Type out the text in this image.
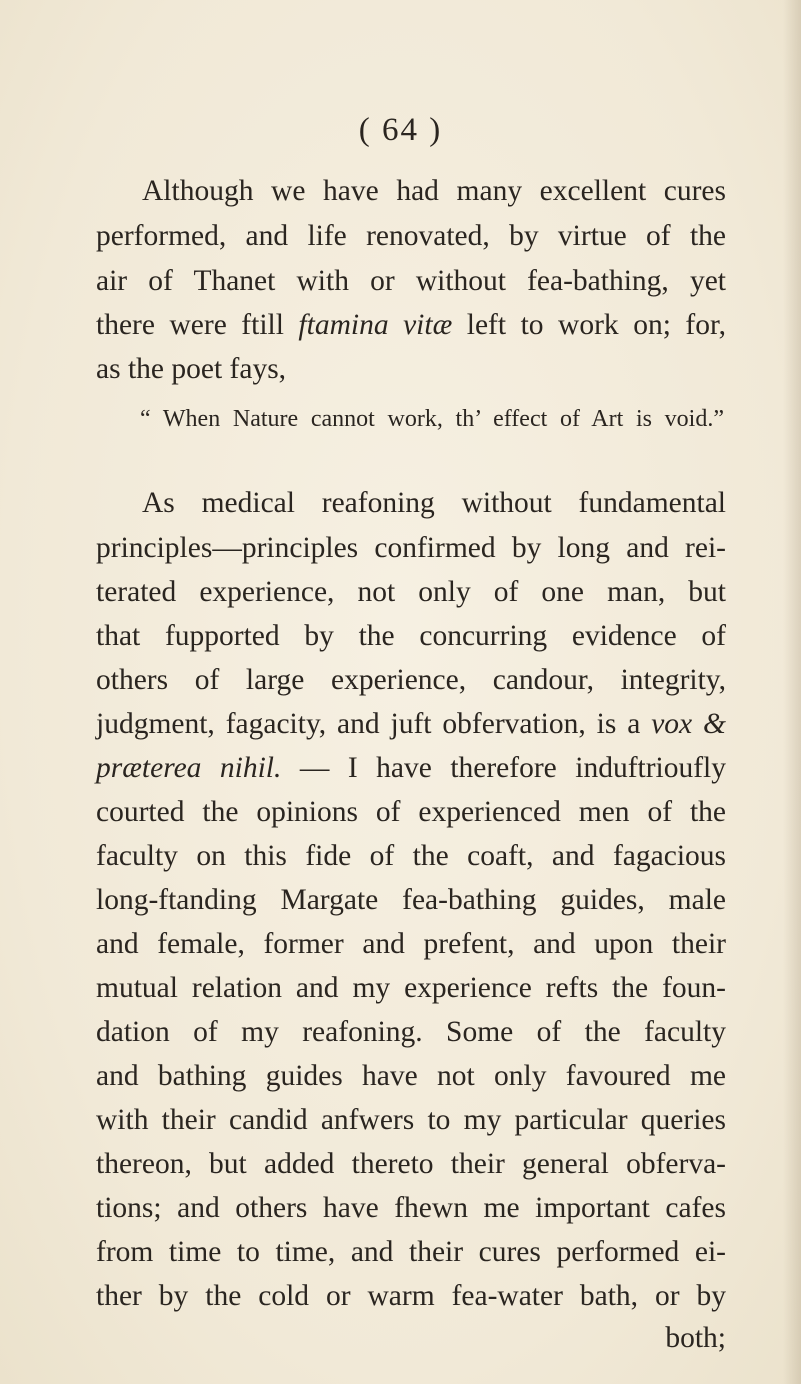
( 64 )
Although we have had many excellent cures
performed, and life renovated, by virtue of the
air of Thanet with or without fea-bathing, yet
there were ftill ftamina vitæ left to work on; for,
as the poet fays,
“ When Nature cannot work, th’ effect of Art is void.”
As medical reafoning without fundamental
principles—principles confirmed by long and rei-
terated experience, not only of one man, but
that fupported by the concurring evidence of
others of large experience, candour, integrity,
judgment, fagacity, and juft obfervation, is a vox &
præterea nihil. — I have therefore induftrioufly
courted the opinions of experienced men of the
faculty on this fide of the coaft, and fagacious
long-ftanding Margate fea-bathing guides, male
and female, former and prefent, and upon their
mutual relation and my experience refts the foun-
dation of my reafoning. Some of the faculty
and bathing guides have not only favoured me
with their candid anfwers to my particular queries
thereon, but added thereto their general obferva-
tions; and others have fhewn me important cafes
from time to time, and their cures performed ei-
ther by the cold or warm fea-water bath, or by
both;
